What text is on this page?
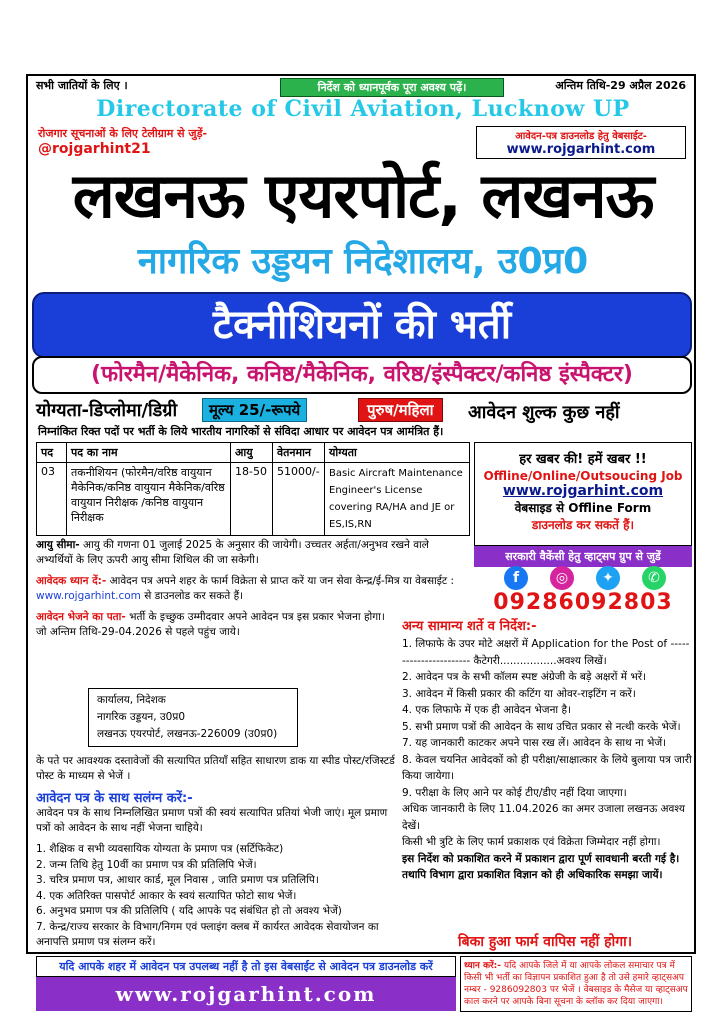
सभी जातियों के लिए ।	निर्देश को ध्यानपूर्वक पूरा अवश्य पढ़ें।	अन्तिम तिथि-29 अप्रैल 2026
Directorate of Civil Aviation, Lucknow UP
रोजगार सूचनाओं के लिए टेलीग्राम से जुड़ें- @rojgarhint21
आवेदन-पत्र डाउनलोड हेतु वेबसाईट-
www.rojgarhint.com
लखनऊ एयरपोर्ट, लखनऊ
नागरिक उड्डयन निदेशालय, उ0प्र0
टैक्नीशियनों की भर्ती
(फोरमैन/मैकेनिक, कनिष्ठ/मैकेनिक, वरिष्ठ/इंस्पैक्टर/कनिष्ठ इंस्पैक्टर)
योग्यता-डिप्लोमा/डिग्री	मूल्य 25/-रूपये	पुरुष/महिला	आवेदन शुल्क कुछ नहीं
निम्नांकित रिक्त पदों पर भर्ती के लिये भारतीय नागरिकों से संविदा आधार पर आवेदन पत्र आमंत्रित हैं।
पद	पद का नाम	आयु	वेतनमान	योग्यता
03	तकनीशियन (फोरमैन/वरिष्ठ वायुयान मैकेनिक/कनिष्ठ वायुयान मैकेनिक/वरिष्ठ वायुयान निरीक्षक /कनिष्ठ वायुयान निरीक्षक	18-50	51000/-	Basic Aircraft Maintenance Engineer's License covering RA/HA and JE or ES,IS,RN
हर खबर की! हमें खबर !!
Offline/Online/Outsoucing Job
www.rojgarhint.com
वेबसाइड से Offline Form
डाउनलोड कर सकतें हैं।
सरकारी वैकेंसी हेतु व्हाट्सप ग्रुप से जुडें
f	◎	✦	✆
09286092803
आयु सीमा- आयु की गणना 01 जुलाई 2025 के अनुसार की जायेगी। उच्चतर अर्हता/अनुभव रखने वाले अभ्यर्थियों के लिए ऊपरी आयु सीमा शिथिल की जा सकेगी।
आवेदक ध्यान दें:- आवेदन पत्र अपने शहर के फार्म विक्रेता से प्राप्त करें या जन सेवा केन्द्र/ई-मित्र या वेबसाईट : www.rojgarhint.com से डाउनलोड कर सकते हैं।
आवेदन भेजने का पता- भर्ती के इच्छुक उम्मीदवार अपने आवेदन पत्र इस प्रकार भेजना होगा। जो अन्तिम तिथि-29-04.2026 से पहले पहुंच जाये।
कार्यालय, निदेशक
नागरिक उड्डयन, उ0प्र0
लखनऊ एयरपोर्ट, लखनऊ-226009 (उ0प्र0)
के पते पर आवश्यक दस्तावेजों की सत्यापित प्रतियाँ सहित साधारण डाक या स्पीड पोस्ट/रजिस्टर्ड पोस्ट के माध्यम से भेजें ।
आवेदन पत्र के साथ सलंग्न करें:-
आवेदन पत्र के साथ निम्नलिखित प्रमाण पत्रों की स्वयं सत्यापित प्रतियां भेजी जाएं। मूल प्रमाण पत्रों को आवेदन के साथ नहीं भेजना चाहिये।
1. शैक्षिक व सभी व्यवसायिक योग्यता के प्रमाण पत्र (सर्टिफिकेट)
2. जन्म तिथि हेतु 10वीं का प्रमाण पत्र की प्रतिलिपि भेजें।
3. चरित्र प्रमाण पत्र, आधार कार्ड, मूल निवास , जाति प्रमाण पत्र प्रतिलिपि।
4. एक अतिरिक्त पासपोर्ट आकार के स्वयं सत्यापित फोटो साथ भेजें।
6. अनुभव प्रमाण पत्र की प्रतिलिपि ( यदि आपके पद संबंधित हो तो अवश्य भेजें)
7. केन्द्र/राज्य सरकार के विभाग/निगम एवं फ्लाइंग क्लब में कार्यरत आवेदक सेवायोजन का अनापत्ति प्रमाण पत्र संलग्न करें।
अन्य सामान्य शर्ते व निर्देश:-
1. लिफाफे के उपर मोटे अक्षरों में Application for the Post of ----------------------- कैटेगरी.................अवश्य लिखें।
2. आवेदन पत्र के सभी कॉलम स्पष्ट अंग्रेजी के बड़े अक्षरों में भरें।
3. आवेदन में किसी प्रकार की कटिंग या ओवर-राइटिंग न करें।
4. एक लिफाफे में एक ही आवेदन भेजना है।
5. सभी प्रमाण पत्रों की आवेदन के साथ उचित प्रकार से नत्थी करके भेजें।
7. यह जानकारी काटकर अपने पास रख लें। आवेदन के साथ ना भेजें।
8. केवल चयनित आवेदकों को ही परीक्षा/साक्षात्कार के लिये बुलाया पत्र जारी किया जायेगा।
9. परीक्षा के लिए आने पर कोई टीए/डीए नहीं दिया जाएगा।
अधिक जानकारी के लिए 11.04.2026 का अमर उजाला लखनऊ अवश्य देखें।
किसी भी त्रुटि के लिए फार्म प्रकाशक एवं विक्रेता जिम्मेदार नहीं होगा।
इस निर्देश को प्रकाशित करने में प्रकाशन द्वारा पूर्ण सावधानी बरती गई है। तथापि विभाग द्वारा प्रकाशित विज्ञान को ही अधिकारिक समझा जायें।
बिका हुआ फार्म वापिस नहीं होगा।
यदि आपके शहर में आवेदन पत्र उपलब्ध नहीं है तो इस वेबसाईट से आवेदन पत्र डाउनलोड करें
www.rojgarhint.com
ध्यान करें:- यदि आपके जिले में या आपके लोकल समाचार पत्र में किसी भी भर्ती का विज्ञापन प्रकाशित हुआ है तो उसे हमारे व्हाट्सअप नम्बर - 9286092803 पर भेजें । वेबसाइड के मैसेज या व्हाट्सअप काल करने पर आपके बिना सूचना के ब्लॉक कर दिया जाएगा।
